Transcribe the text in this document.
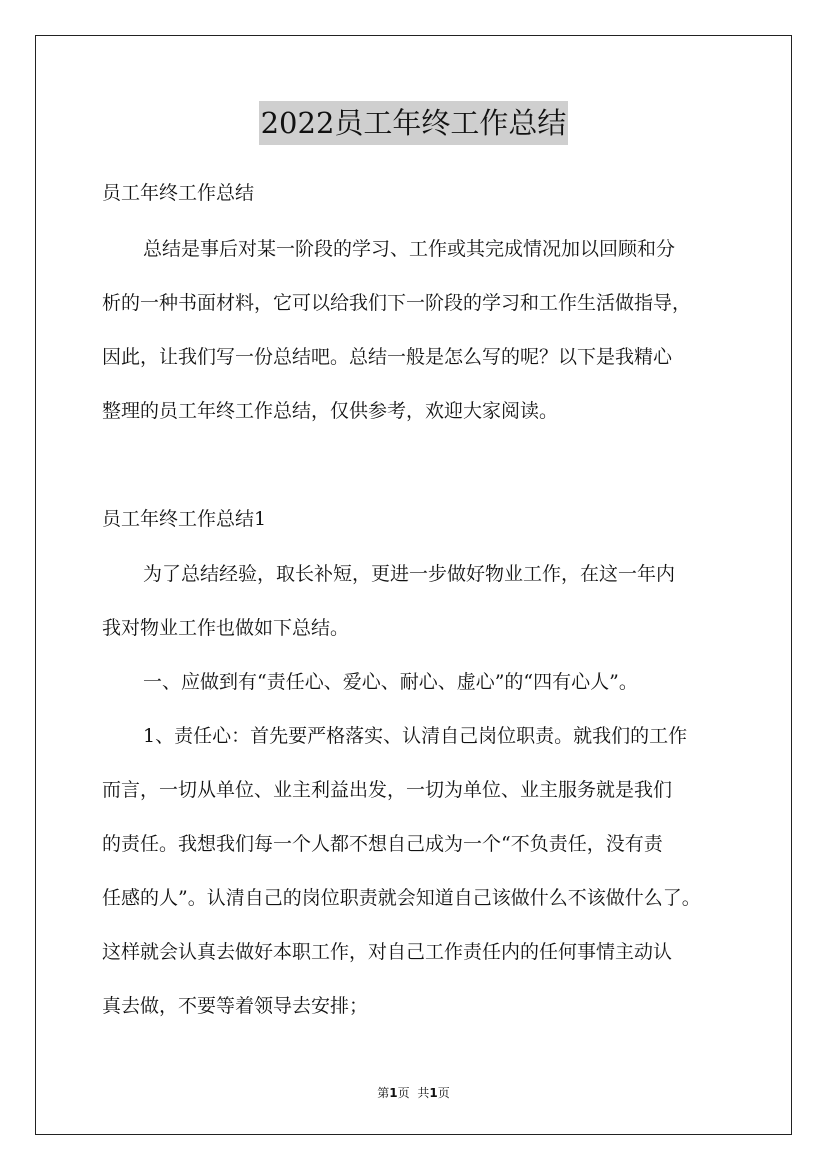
2022员工年终工作总结
员工年终工作总结
总结是事后对某一阶段的学习、工作或其完成情况加以回顾和分
析的一种书面材料，它可以给我们下一阶段的学习和工作生活做指导，
因此，让我们写一份总结吧。总结一般是怎么写的呢？以下是我精心
整理的员工年终工作总结，仅供参考，欢迎大家阅读。
员工年终工作总结1
为了总结经验，取长补短，更进一步做好物业工作，在这一年内
我对物业工作也做如下总结。
一、应做到有“责任心、爱心、耐心、虚心”的“四有心人”。
1、责任心：首先要严格落实、认清自己岗位职责。就我们的工作
而言，一切从单位、业主利益出发，一切为单位、业主服务就是我们
的责任。我想我们每一个人都不想自己成为一个“不负责任，没有责
任感的人”。认清自己的岗位职责就会知道自己该做什么不该做什么了。
这样就会认真去做好本职工作，对自己工作责任内的任何事情主动认
真去做，不要等着领导去安排；
第1页 共1页
